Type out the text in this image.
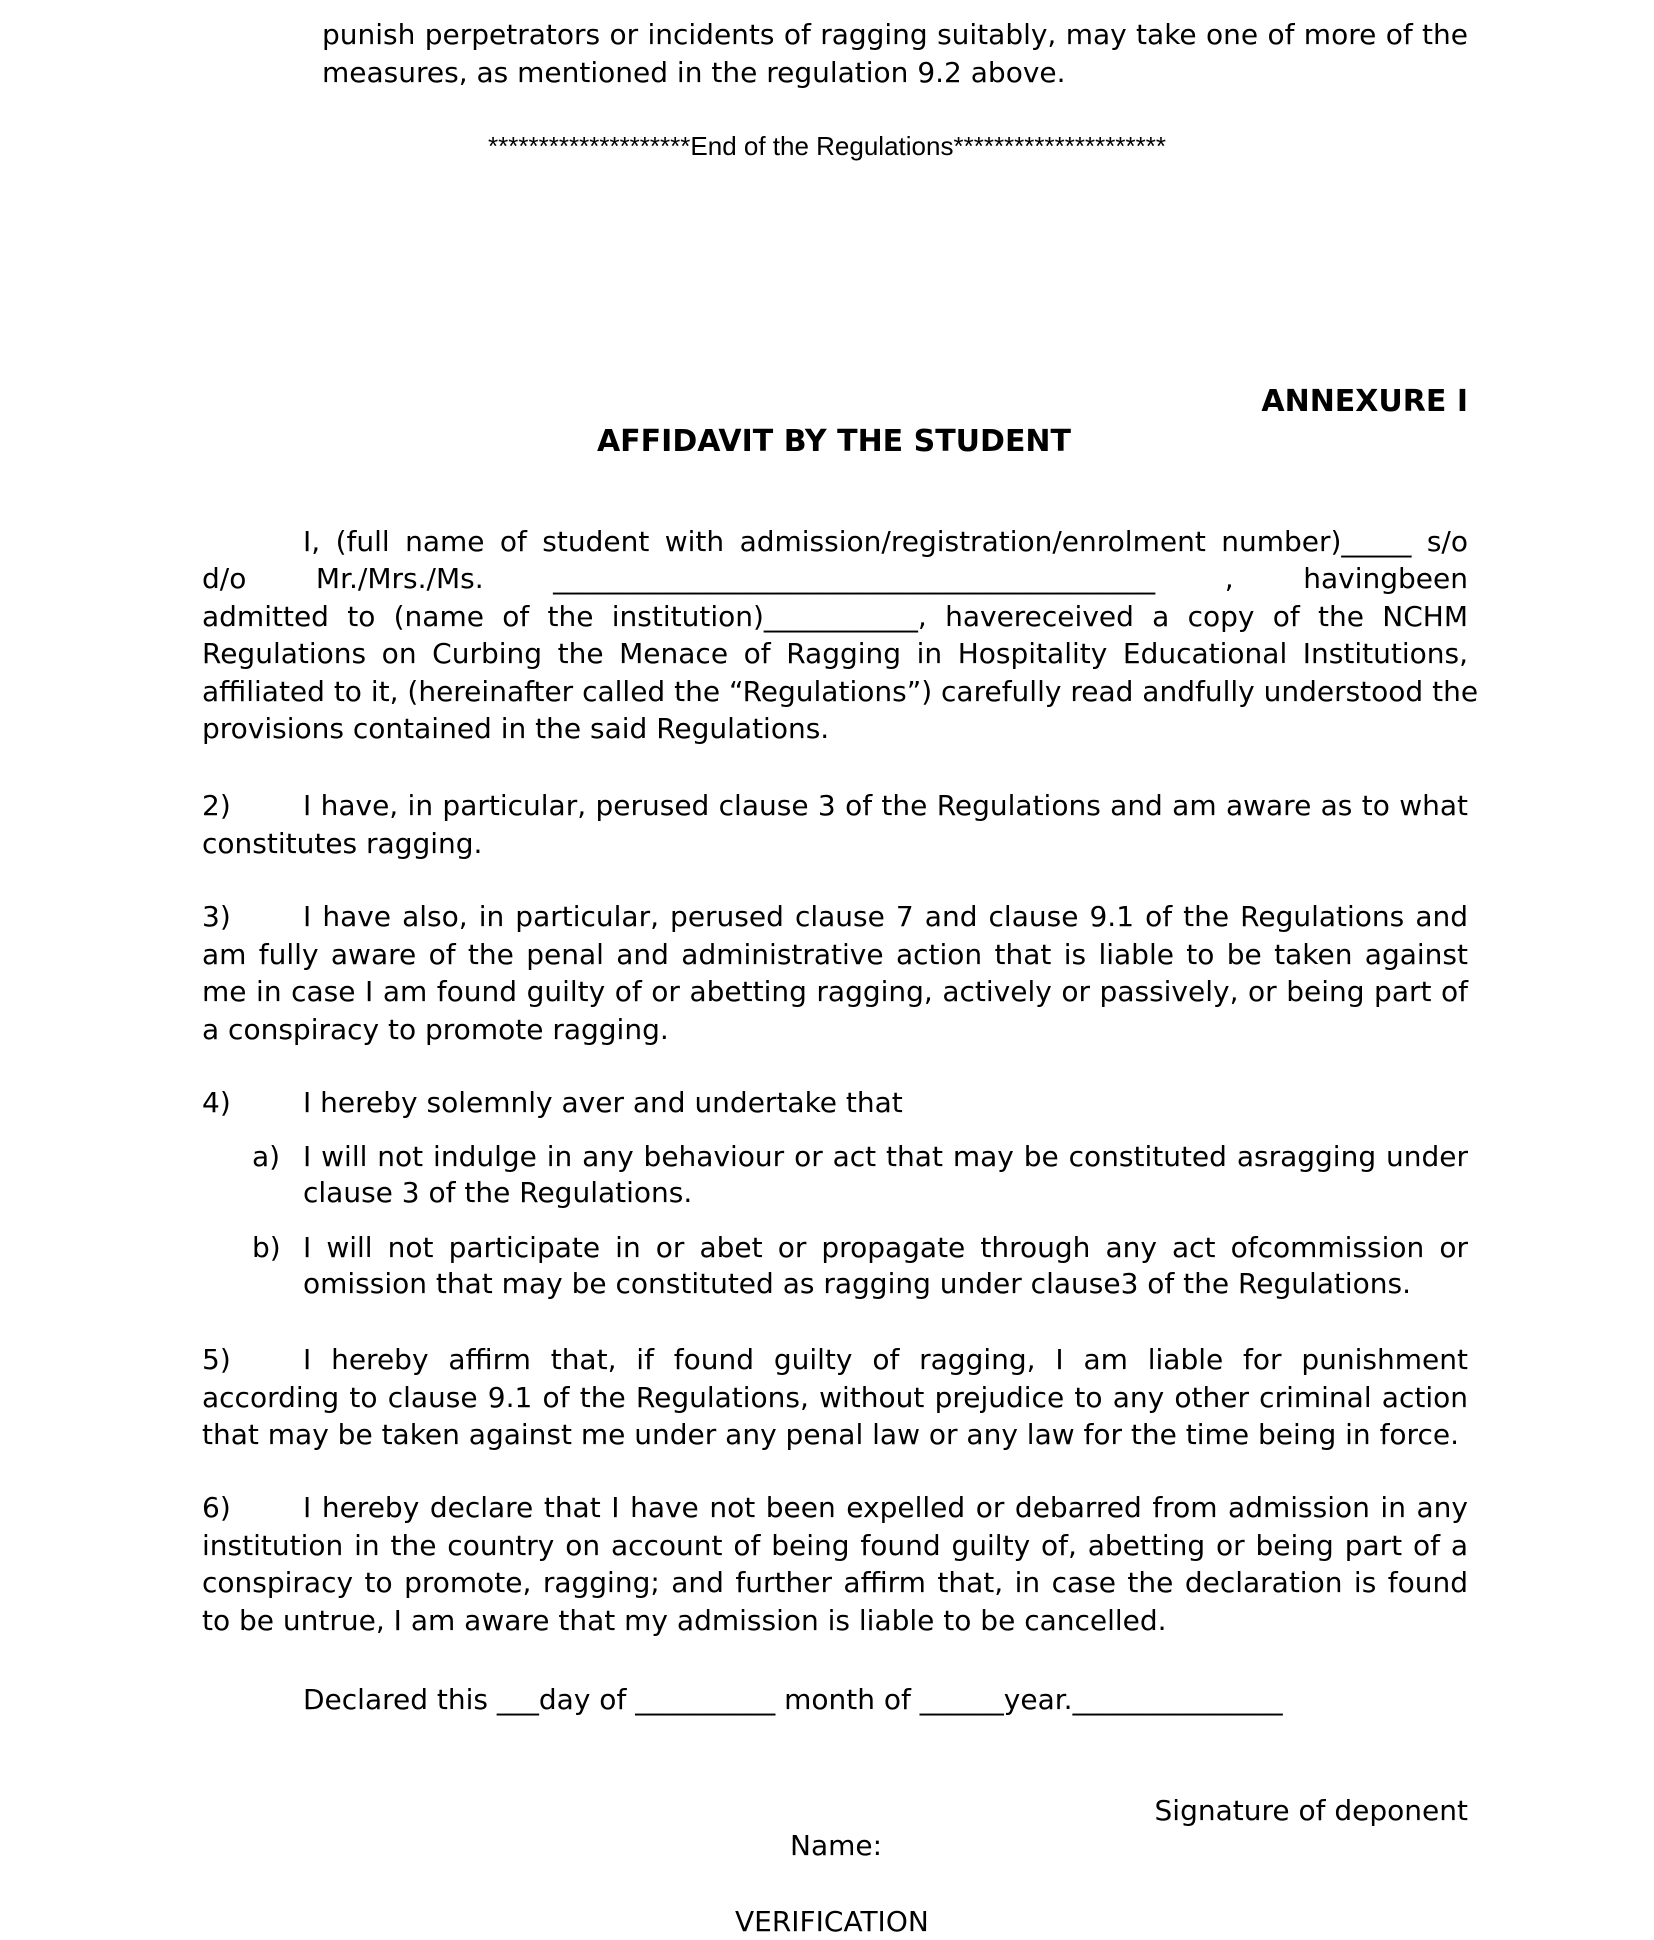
punish perpetrators or incidents of ragging suitably, may take one of more of the measures, as mentioned in the regulation 9.2 above.
********************End of the Regulations*********************
ANNEXURE I
AFFIDAVIT BY THE STUDENT
I, (full name of student with admission/registration/enrolment number)_____ s/o
d/o Mr./Mrs./Ms. ___________________________________________ , havingbeen
admitted to (name of the institution)___________, havereceived a copy of the NCHM
Regulations on Curbing the Menace of Ragging in Hospitality Educational Institutions,
affiliated to it, (hereinafter called the “Regulations”) carefully read andfully understood the
provisions contained in the said Regulations.
2)	I have, in particular, perused clause 3 of the Regulations and am aware as to what constitutes ragging.
3)	I have also, in particular, perused clause 7 and clause 9.1 of the Regulations and am fully aware of the penal and administrative action that is liable to be taken against me in case I am found guilty of or abetting ragging, actively or passively, or being part of a conspiracy to promote ragging.
4)	I hereby solemnly aver and undertake that
a) I will not indulge in any behaviour or act that may be constituted asragging under clause 3 of the Regulations.
b) I will not participate in or abet or propagate through any act ofcommission or omission that may be constituted as ragging under clause3 of the Regulations.
5)	I hereby affirm that, if found guilty of ragging, I am liable for punishment according to clause 9.1 of the Regulations, without prejudice to any other criminal action that may be taken against me under any penal law or any law for the time being in force.
6)	I hereby declare that I have not been expelled or debarred from admission in any institution in the country on account of being found guilty of, abetting or being part of a conspiracy to promote, ragging; and further affirm that, in case the declaration is found to be untrue, I am aware that my admission is liable to be cancelled.
Declared this ___day of __________ month of ______year._______________
Signature of deponent
Name:
VERIFICATION
